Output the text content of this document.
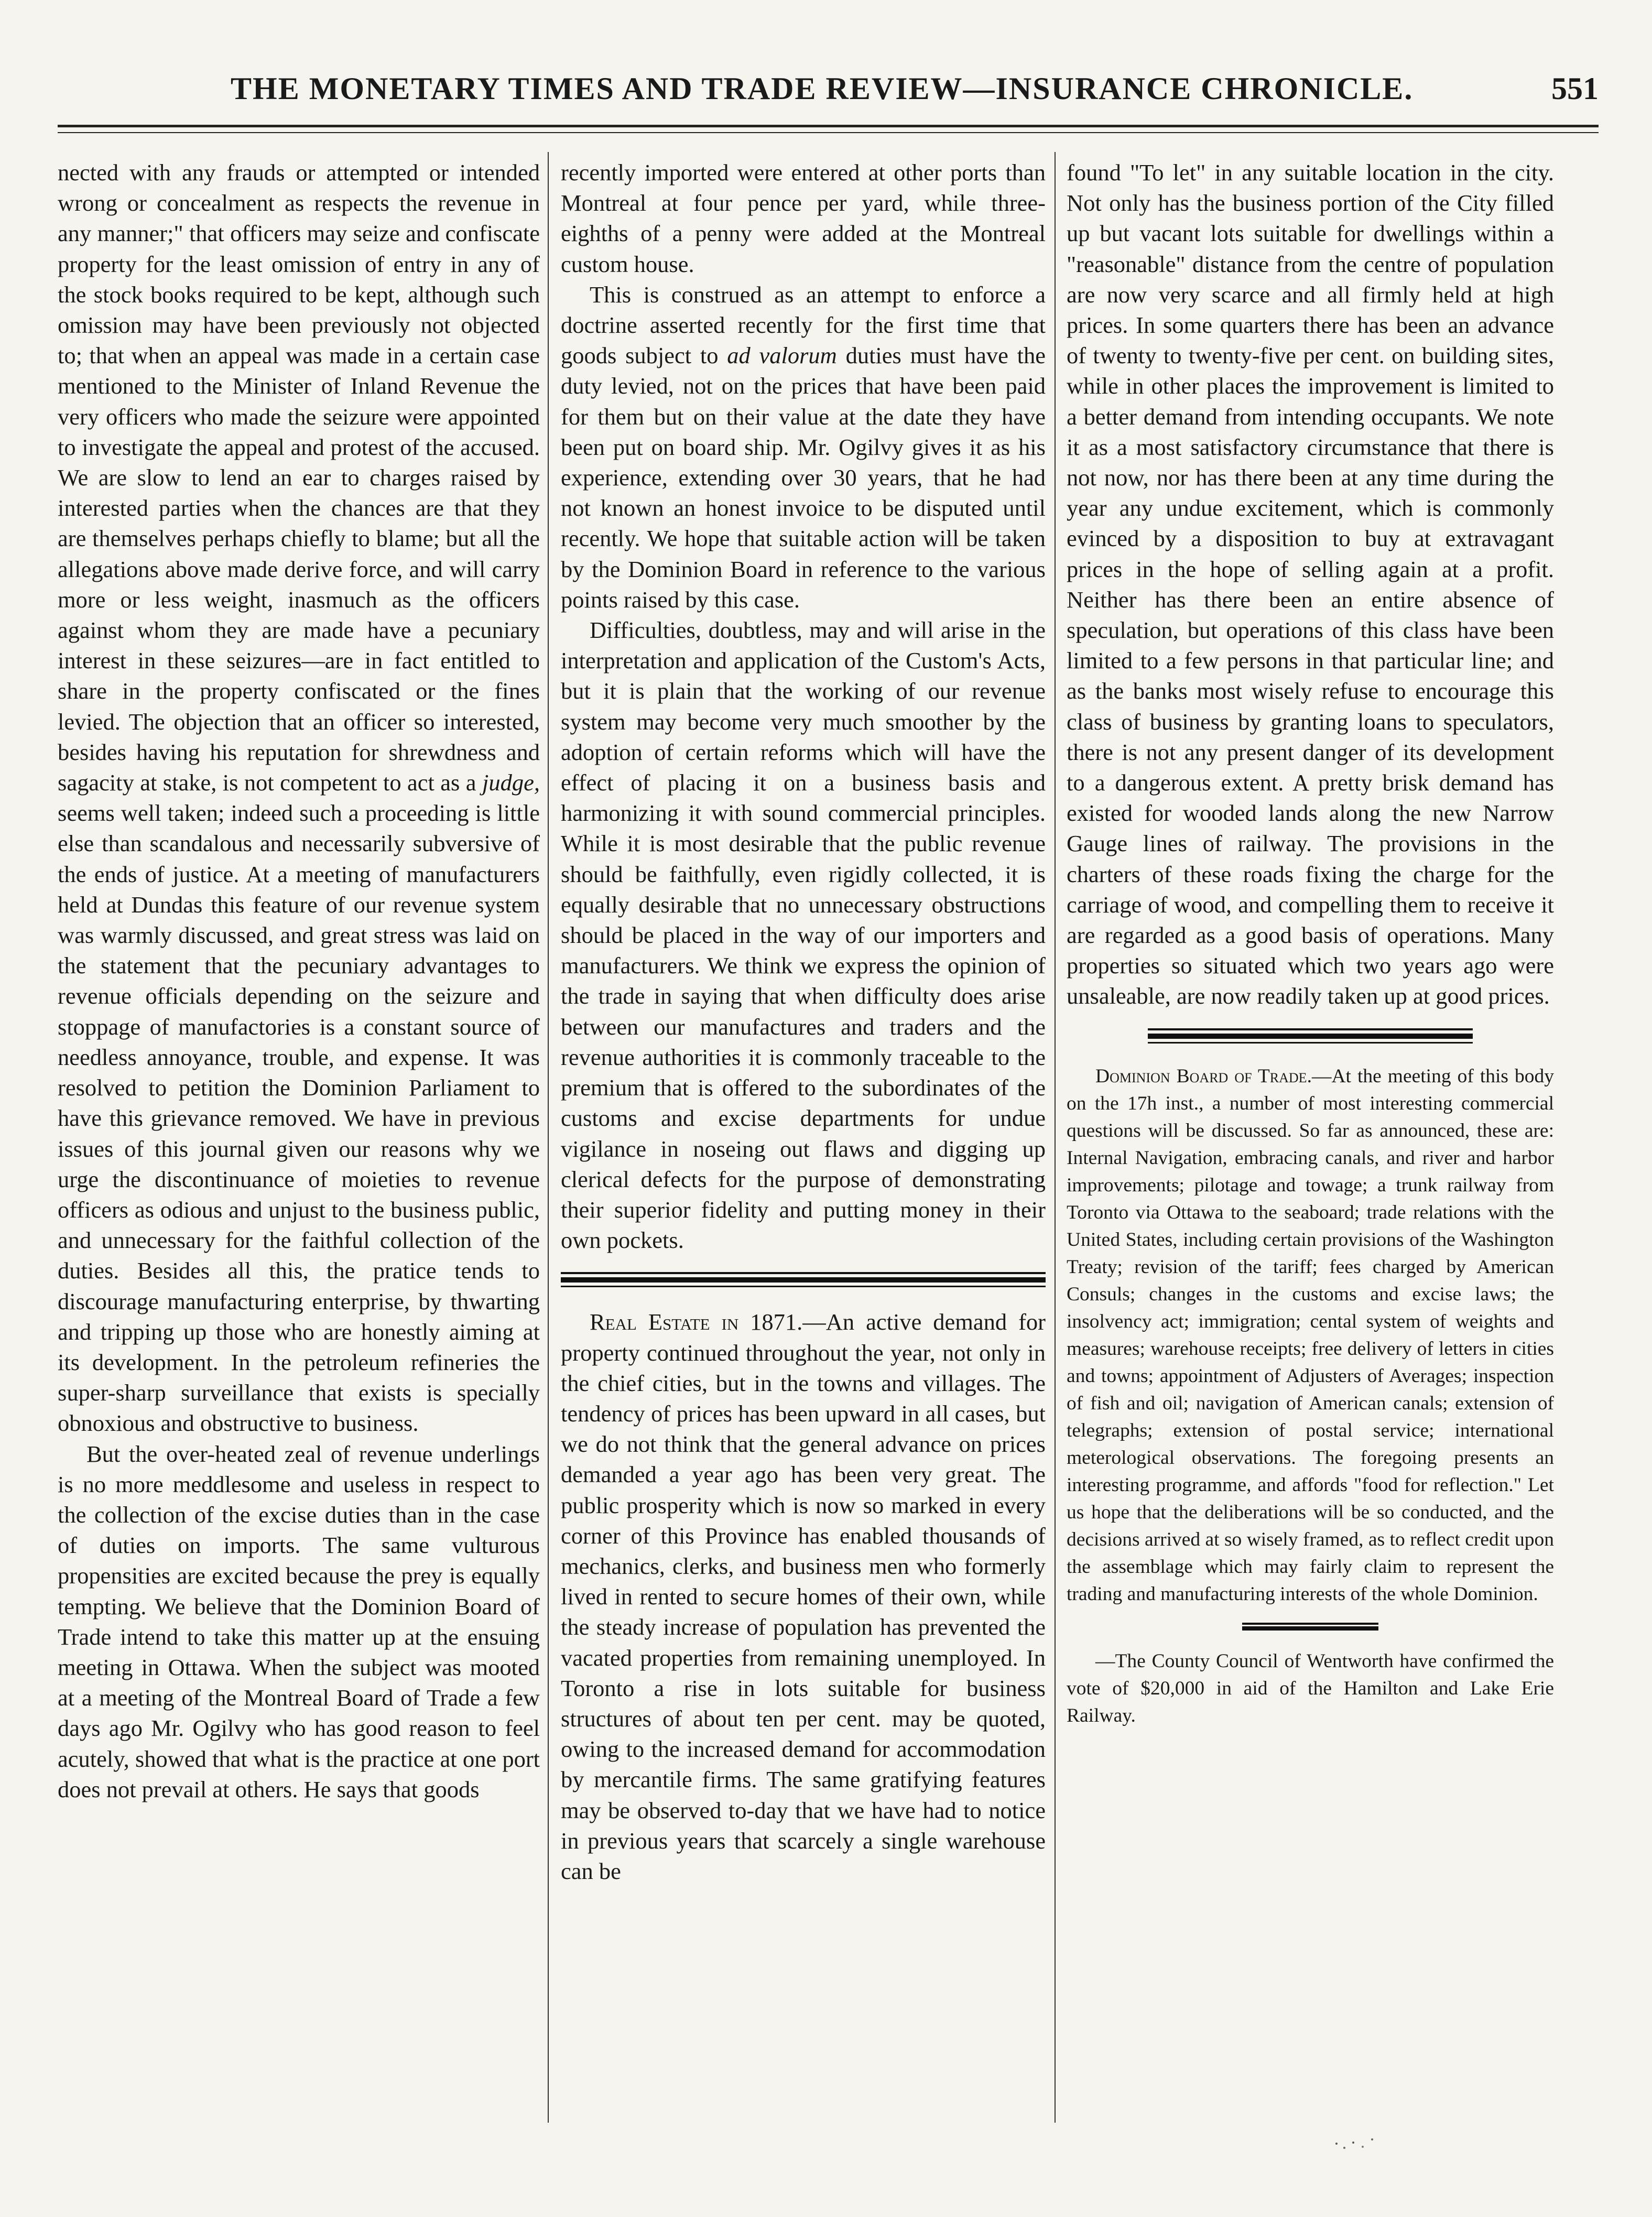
THE MONETARY TIMES AND TRADE REVIEW—INSURANCE CHRONICLE.	551

nected with any frauds or attempted or intended wrong or concealment as respects the revenue in any manner;" that officers may seize and confiscate property for the least omission of entry in any of the stock books required to be kept, although such omission may have been previously not objected to; that when an appeal was made in a certain case mentioned to the Minister of Inland Revenue the very officers who made the seizure were appointed to investigate the appeal and protest of the accused. We are slow to lend an ear to charges raised by interested parties when the chances are that they are themselves perhaps chiefly to blame; but all the allegations above made derive force, and will carry more or less weight, inasmuch as the officers against whom they are made have a pecuniary interest in these seizures—are in fact entitled to share in the property confiscated or the fines levied. The objection that an officer so interested, besides having his reputation for shrewdness and sagacity at stake, is not competent to act as a judge, seems well taken; indeed such a proceeding is little else than scandalous and necessarily subversive of the ends of justice. At a meeting of manufacturers held at Dundas this feature of our revenue system was warmly discussed, and great stress was laid on the statement that the pecuniary advantages to revenue officials depending on the seizure and stoppage of manufactories is a constant source of needless annoyance, trouble, and expense. It was resolved to petition the Dominion Parliament to have this grievance removed. We have in previous issues of this journal given our reasons why we urge the discontinuance of moieties to revenue officers as odious and unjust to the business public, and unnecessary for the faithful collection of the duties. Besides all this, the pratice tends to discourage manufacturing enterprise, by thwarting and tripping up those who are honestly aiming at its development. In the petroleum refineries the super-sharp surveillance that exists is specially obnoxious and obstructive to business.

But the over-heated zeal of revenue underlings is no more meddlesome and useless in respect to the collection of the excise duties than in the case of duties on imports. The same vulturous propensities are excited because the prey is equally tempting. We believe that the Dominion Board of Trade intend to take this matter up at the ensuing meeting in Ottawa. When the subject was mooted at a meeting of the Montreal Board of Trade a few days ago Mr. Ogilvy who has good reason to feel acutely, showed that what is the practice at one port does not prevail at others. He says that goods

recently imported were entered at other ports than Montreal at four pence per yard, while three-eighths of a penny were added at the Montreal custom house.

This is construed as an attempt to enforce a doctrine asserted recently for the first time that goods subject to ad valorum duties must have the duty levied, not on the prices that have been paid for them but on their value at the date they have been put on board ship. Mr. Ogilvy gives it as his experience, extending over 30 years, that he had not known an honest invoice to be disputed until recently. We hope that suitable action will be taken by the Dominion Board in reference to the various points raised by this case.

Difficulties, doubtless, may and will arise in the interpretation and application of the Custom's Acts, but it is plain that the working of our revenue system may become very much smoother by the adoption of certain reforms which will have the effect of placing it on a business basis and harmonizing it with sound commercial principles. While it is most desirable that the public revenue should be faithfully, even rigidly collected, it is equally desirable that no unnecessary obstructions should be placed in the way of our importers and manufacturers. We think we express the opinion of the trade in saying that when difficulty does arise between our manufactures and traders and the revenue authorities it is commonly traceable to the premium that is offered to the subordinates of the customs and excise departments for undue vigilance in noseing out flaws and digging up clerical defects for the purpose of demonstrating their superior fidelity and putting money in their own pockets.

Real Estate in 1871.—An active demand for property continued throughout the year, not only in the chief cities, but in the towns and villages. The tendency of prices has been upward in all cases, but we do not think that the general advance on prices demanded a year ago has been very great. The public prosperity which is now so marked in every corner of this Province has enabled thousands of mechanics, clerks, and business men who formerly lived in rented to secure homes of their own, while the steady increase of population has prevented the vacated properties from remaining unemployed. In Toronto a rise in lots suitable for business structures of about ten per cent. may be quoted, owing to the increased demand for accommodation by mercantile firms. The same gratifying features may be observed to-day that we have had to notice in previous years that scarcely a single warehouse can be

found "To let" in any suitable location in the city. Not only has the business portion of the City filled up but vacant lots suitable for dwellings within a "reasonable" distance from the centre of population are now very scarce and all firmly held at high prices. In some quarters there has been an advance of twenty to twenty-five per cent. on building sites, while in other places the improvement is limited to a better demand from intending occupants. We note it as a most satisfactory circumstance that there is not now, nor has there been at any time during the year any undue excitement, which is commonly evinced by a disposition to buy at extravagant prices in the hope of selling again at a profit. Neither has there been an entire absence of speculation, but operations of this class have been limited to a few persons in that particular line; and as the banks most wisely refuse to encourage this class of business by granting loans to speculators, there is not any present danger of its development to a dangerous extent. A pretty brisk demand has existed for wooded lands along the new Narrow Gauge lines of railway. The provisions in the charters of these roads fixing the charge for the carriage of wood, and compelling them to receive it are regarded as a good basis of operations. Many properties so situated which two years ago were unsaleable, are now readily taken up at good prices.

Dominion Board of Trade.—At the meeting of this body on the 17h inst., a number of most interesting commercial questions will be discussed. So far as announced, these are: Internal Navigation, embracing canals, and river and harbor improvements; pilotage and towage; a trunk railway from Toronto via Ottawa to the seaboard; trade relations with the United States, including certain provisions of the Washington Treaty; revision of the tariff; fees charged by American Consuls; changes in the customs and excise laws; the insolvency act; immigration; cental system of weights and measures; warehouse receipts; free delivery of letters in cities and towns; appointment of Adjusters of Averages; inspection of fish and oil; navigation of American canals; extension of telegraphs; extension of postal service; international meterological observations. The foregoing presents an interesting programme, and affords "food for reflection." Let us hope that the deliberations will be so conducted, and the decisions arrived at so wisely framed, as to reflect credit upon the assemblage which may fairly claim to represent the trading and manufacturing interests of the whole Dominion.

—The County Council of Wentworth have confirmed the vote of $20,000 in aid of the Hamilton and Lake Erie Railway.
